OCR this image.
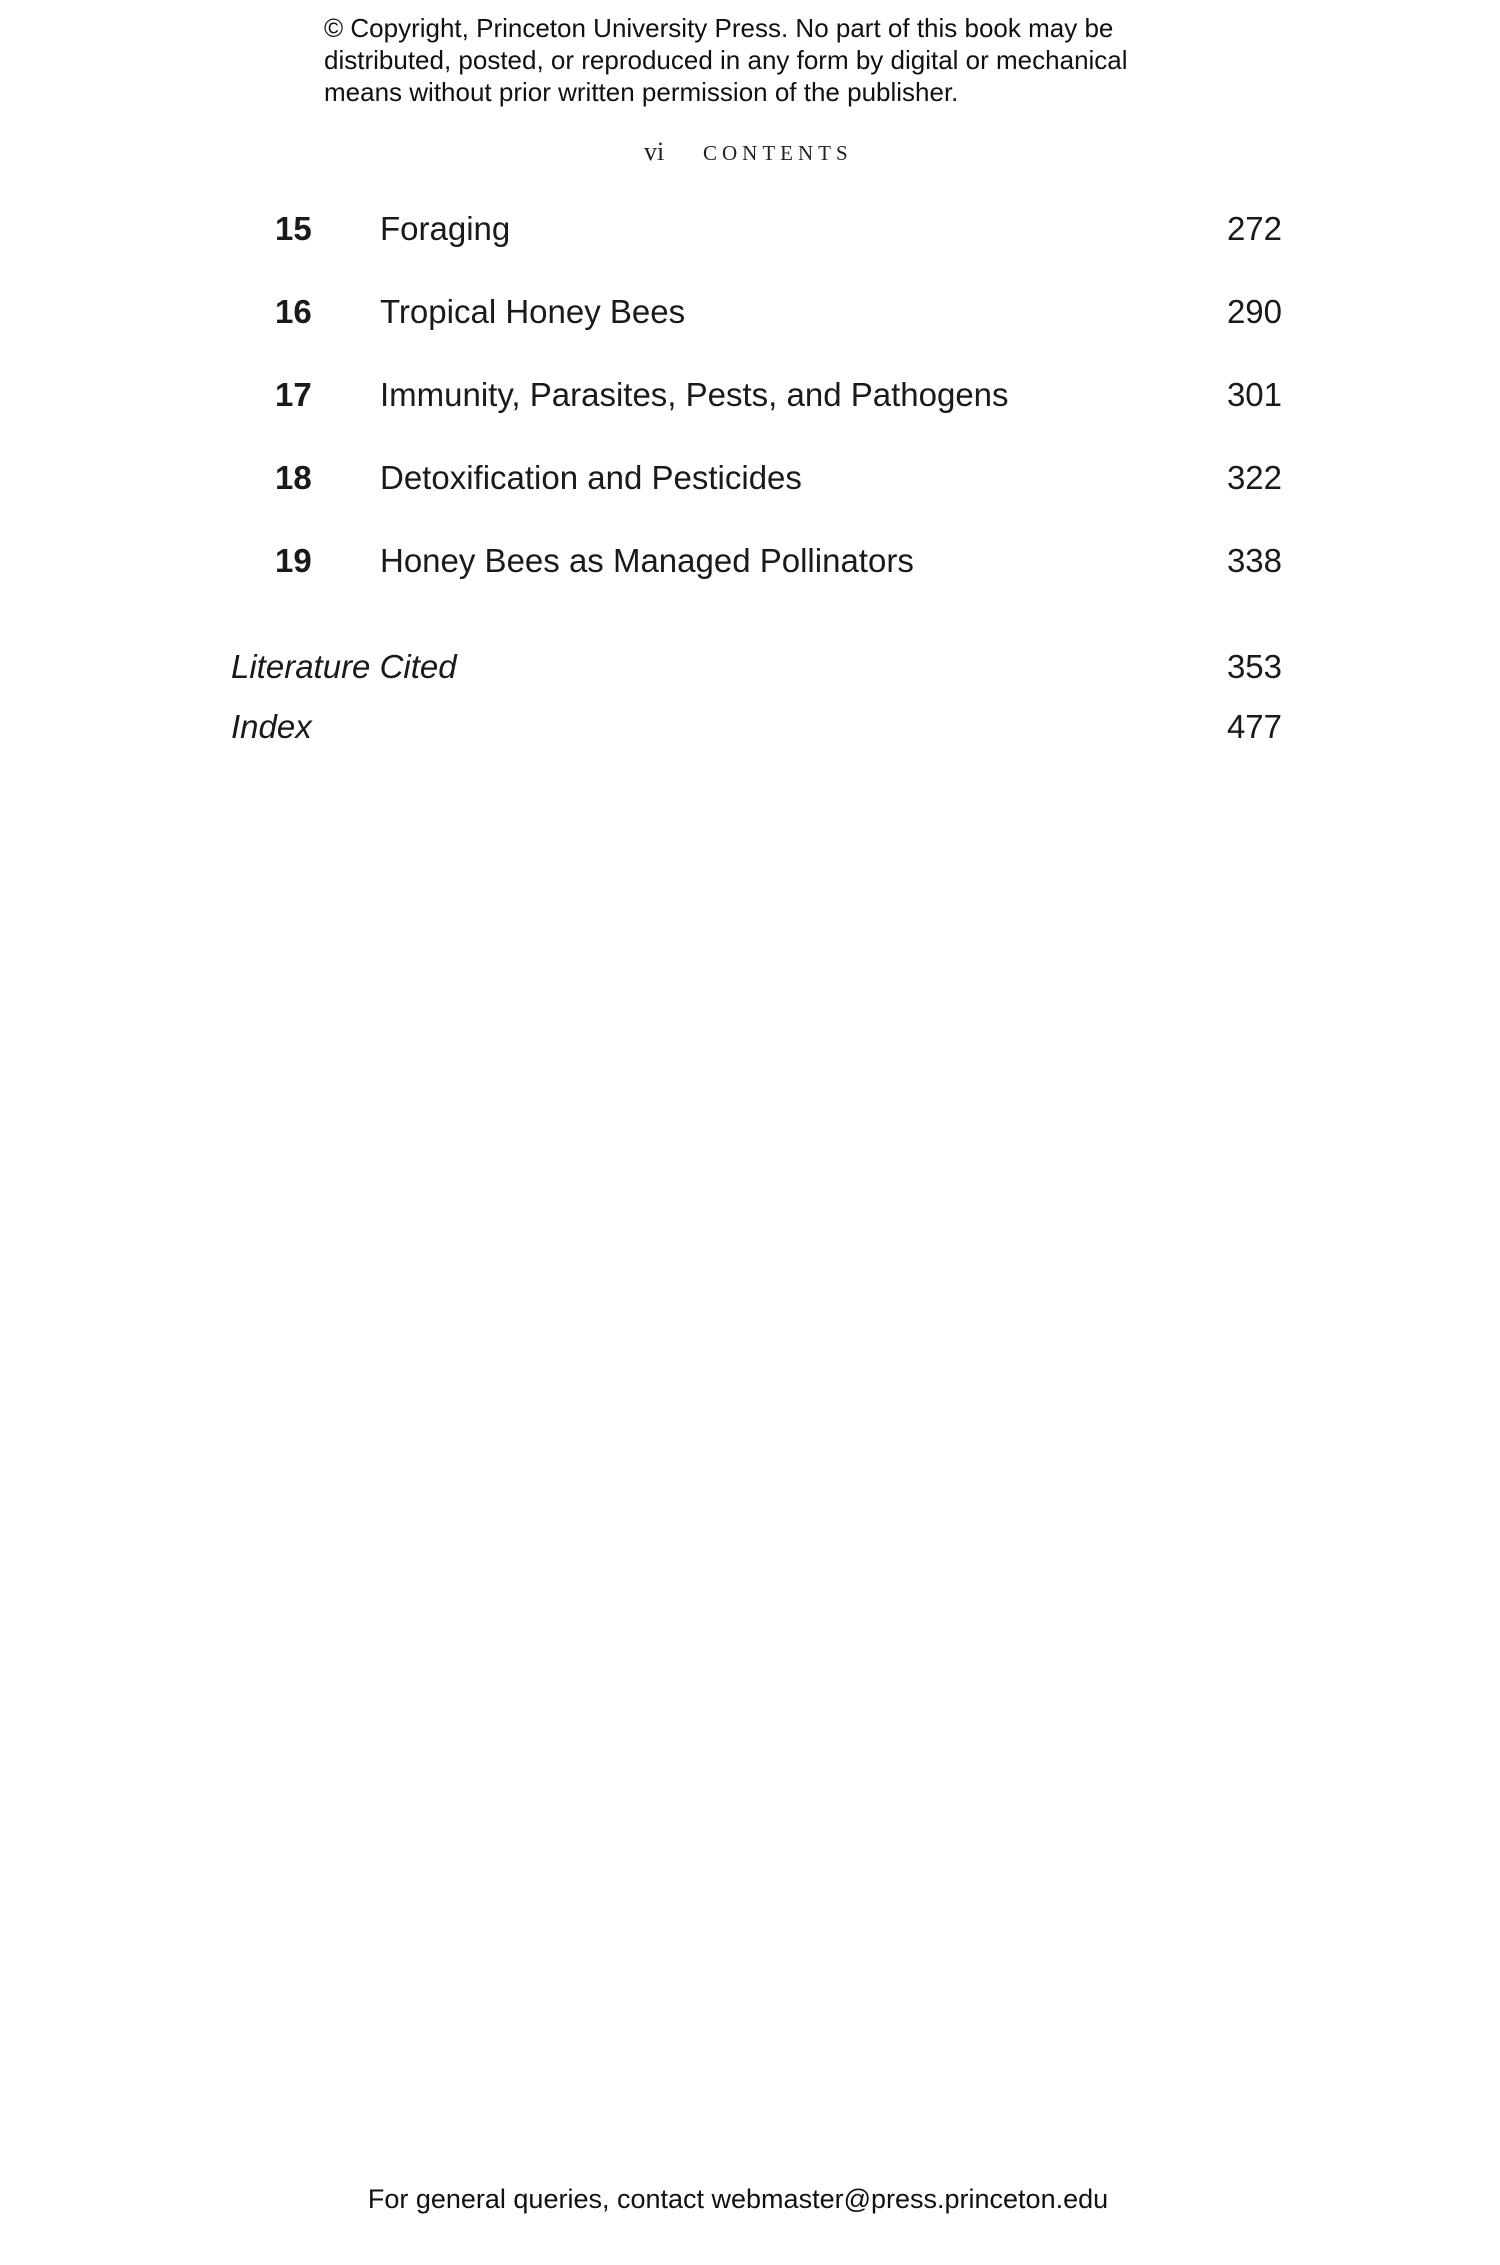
© Copyright, Princeton University Press. No part of this book may be
distributed, posted, or reproduced in any form by digital or mechanical
means without prior written permission of the publisher.
vi CONTENTS
15 Foraging	272
16 Tropical Honey Bees	290
17 Immunity, Parasites, Pests, and Pathogens	301
18 Detoxification and Pesticides	322
19 Honey Bees as Managed Pollinators	338
Literature Cited	353
Index	477
For general queries, contact webmaster@press.princeton.edu
